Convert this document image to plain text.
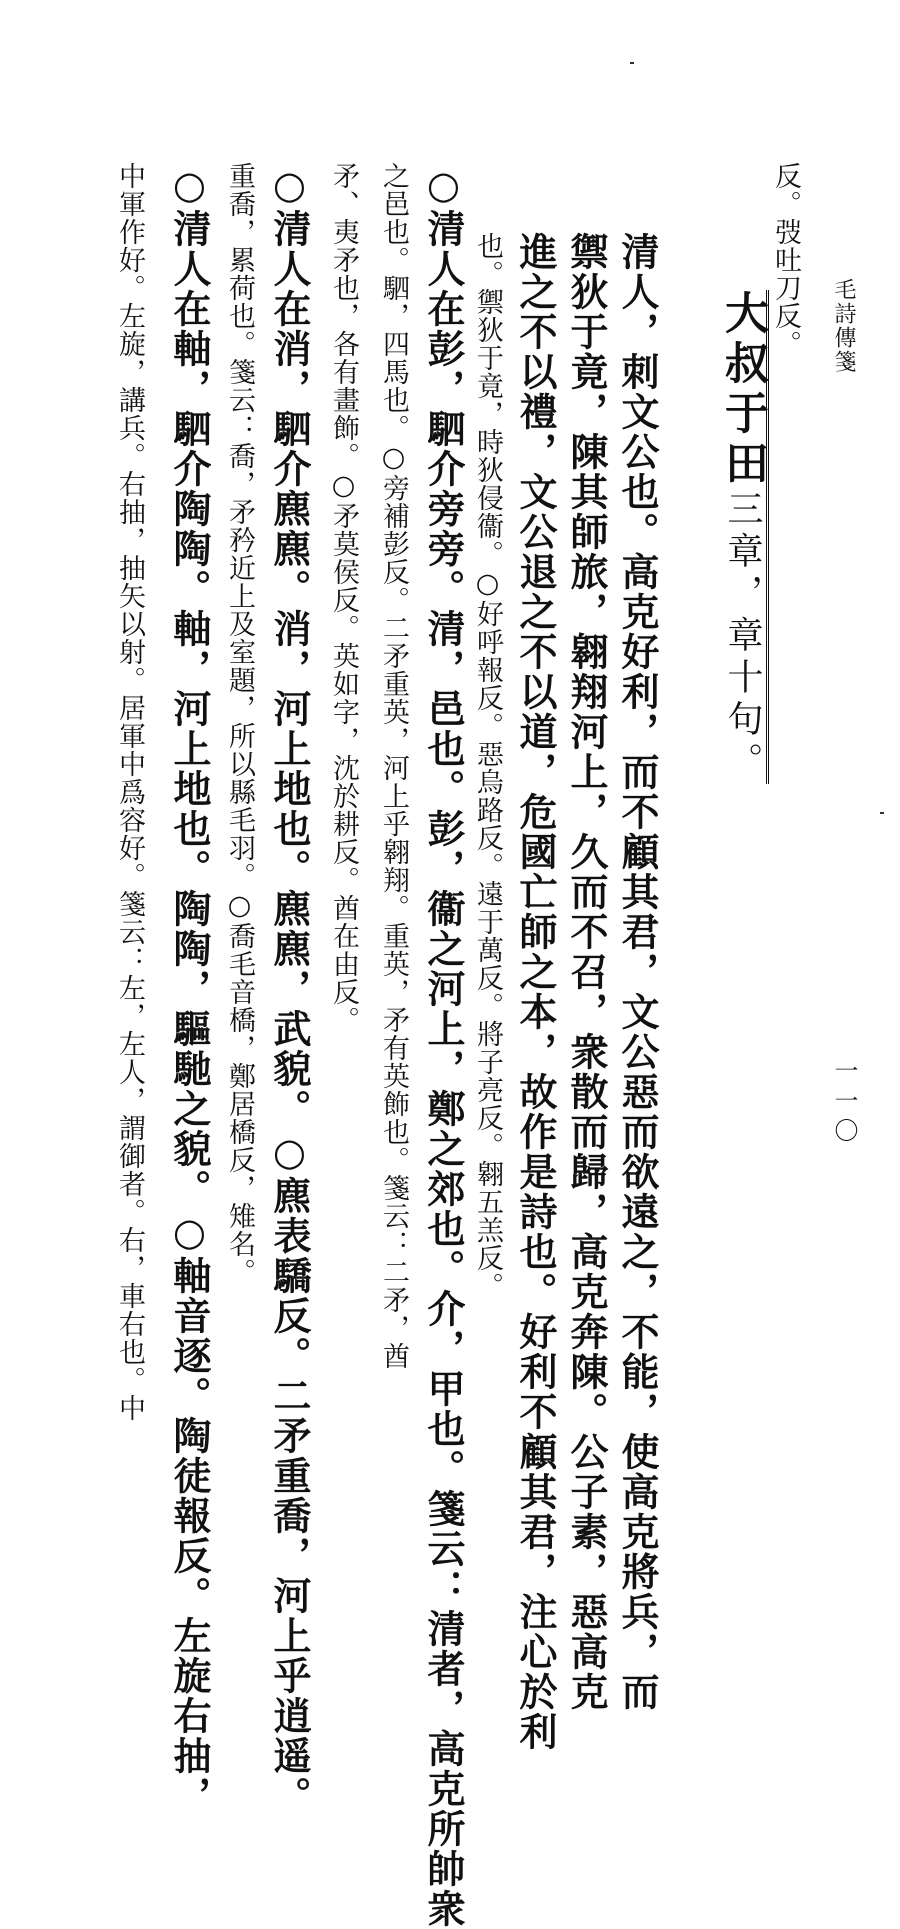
毛詩傳箋
一一〇
大叔于田三章，章十句。
反。弢吐刀反。
清人，刺文公也。高克好利，而不顧其君，文公惡而欲遠之，不能，使高克將兵，而
禦狄于竟，陳其師旅，翱翔河上，久而不召，衆散而歸，高克奔陳。公子素，惡高克
進之不以禮，文公退之不以道，危國亡師之本，故作是詩也。好利不顧其君，注心於利
也。禦狄于竟，時狄侵衞。○好呼報反。惡烏路反。遠于萬反。將子亮反。翱五羔反。
○清人在彭，駟介旁旁。清，邑也。彭，衞之河上，鄭之郊也。介，甲也。箋云：清者，高克所帥衆
之邑也。駟，四馬也。○旁補彭反。二矛重英，河上乎翱翔。重英，矛有英飾也。箋云：二矛，酋
矛、夷矛也，各有畫飾。○矛莫侯反。英如字，沈於耕反。酋在由反。
○清人在消，駟介麃麃。消，河上地也。麃麃，武貌。○麃表驕反。二矛重喬，河上乎逍遥。
重喬，累荷也。箋云：喬，矛矜近上及室題，所以縣毛羽。○喬毛音橋，鄭居橋反，雉名。
○清人在軸，駟介陶陶。軸，河上地也。陶陶，驅馳之貌。○軸音逐。陶徒報反。左旋右抽，
中軍作好。左旋，講兵。右抽，抽矢以射。居軍中爲容好。箋云：左，左人，謂御者。右，車右也。中
